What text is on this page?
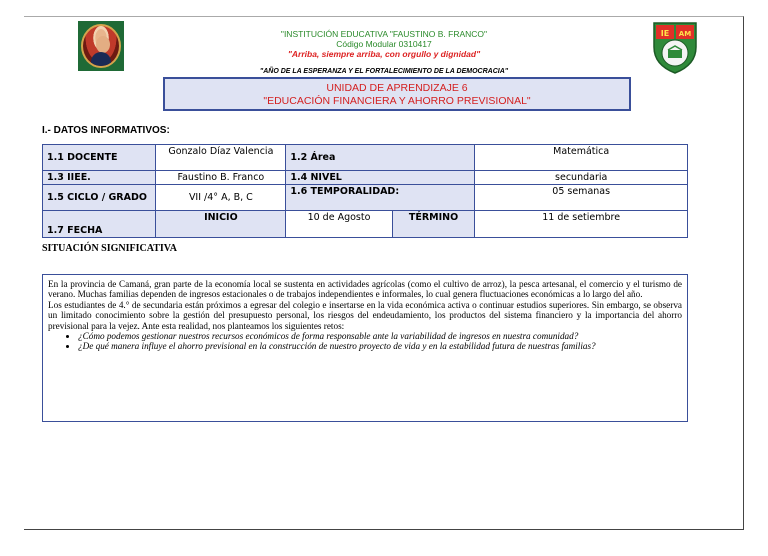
"INSTITUCIÓN EDUCATIVA "FAUSTINO B. FRANCO"
Código Modular 0310417
"Arriba, siempre arriba, con orgullo y dignidad"
IE AM
"AÑO DE LA ESPERANZA Y EL FORTALECIMIENTO DE LA DEMOCRACIA"
UNIDAD DE APRENDIZAJE 6
"EDUCACIÓN FINANCIERA Y AHORRO PREVISIONAL"
I.- DATOS INFORMATIVOS:
1.1 DOCENTE	Gonzalo Díaz Valencia	1.2 Área		Matemática
1.3 IIEE.	Faustino B. Franco	1.4 NIVEL		secundaria
1.5 CICLO / GRADO	VII /4° A, B, C	1.6 TEMPORALIDAD:		05 semanas
1.7 FECHA	INICIO	10 de Agosto	TÉRMINO	11 de setiembre
SITUACIÓN SIGNIFICATIVA

En la provincia de Camaná, gran parte de la economía local se sustenta en actividades agrícolas (como el cultivo de arroz), la pesca artesanal, el comercio y el turismo de verano. Muchas familias dependen de ingresos estacionales o de trabajos independientes e informales, lo cual genera fluctuaciones económicas a lo largo del año.

Los estudiantes de 4.° de secundaria están próximos a egresar del colegio e insertarse en la vida económica activa o continuar estudios superiores. Sin embargo, se observa un limitado conocimiento sobre la gestión del presupuesto personal, los riesgos del endeudamiento, los productos del sistema financiero y la importancia del ahorro previsional para la vejez. Ante esta realidad, nos planteamos los siguientes retos:

• ¿Cómo podemos gestionar nuestros recursos económicos de forma responsable ante la variabilidad de ingresos en nuestra comunidad?
• ¿De qué manera influye el ahorro previsional en la construcción de nuestro proyecto de vida y en la estabilidad futura de nuestras familias?
